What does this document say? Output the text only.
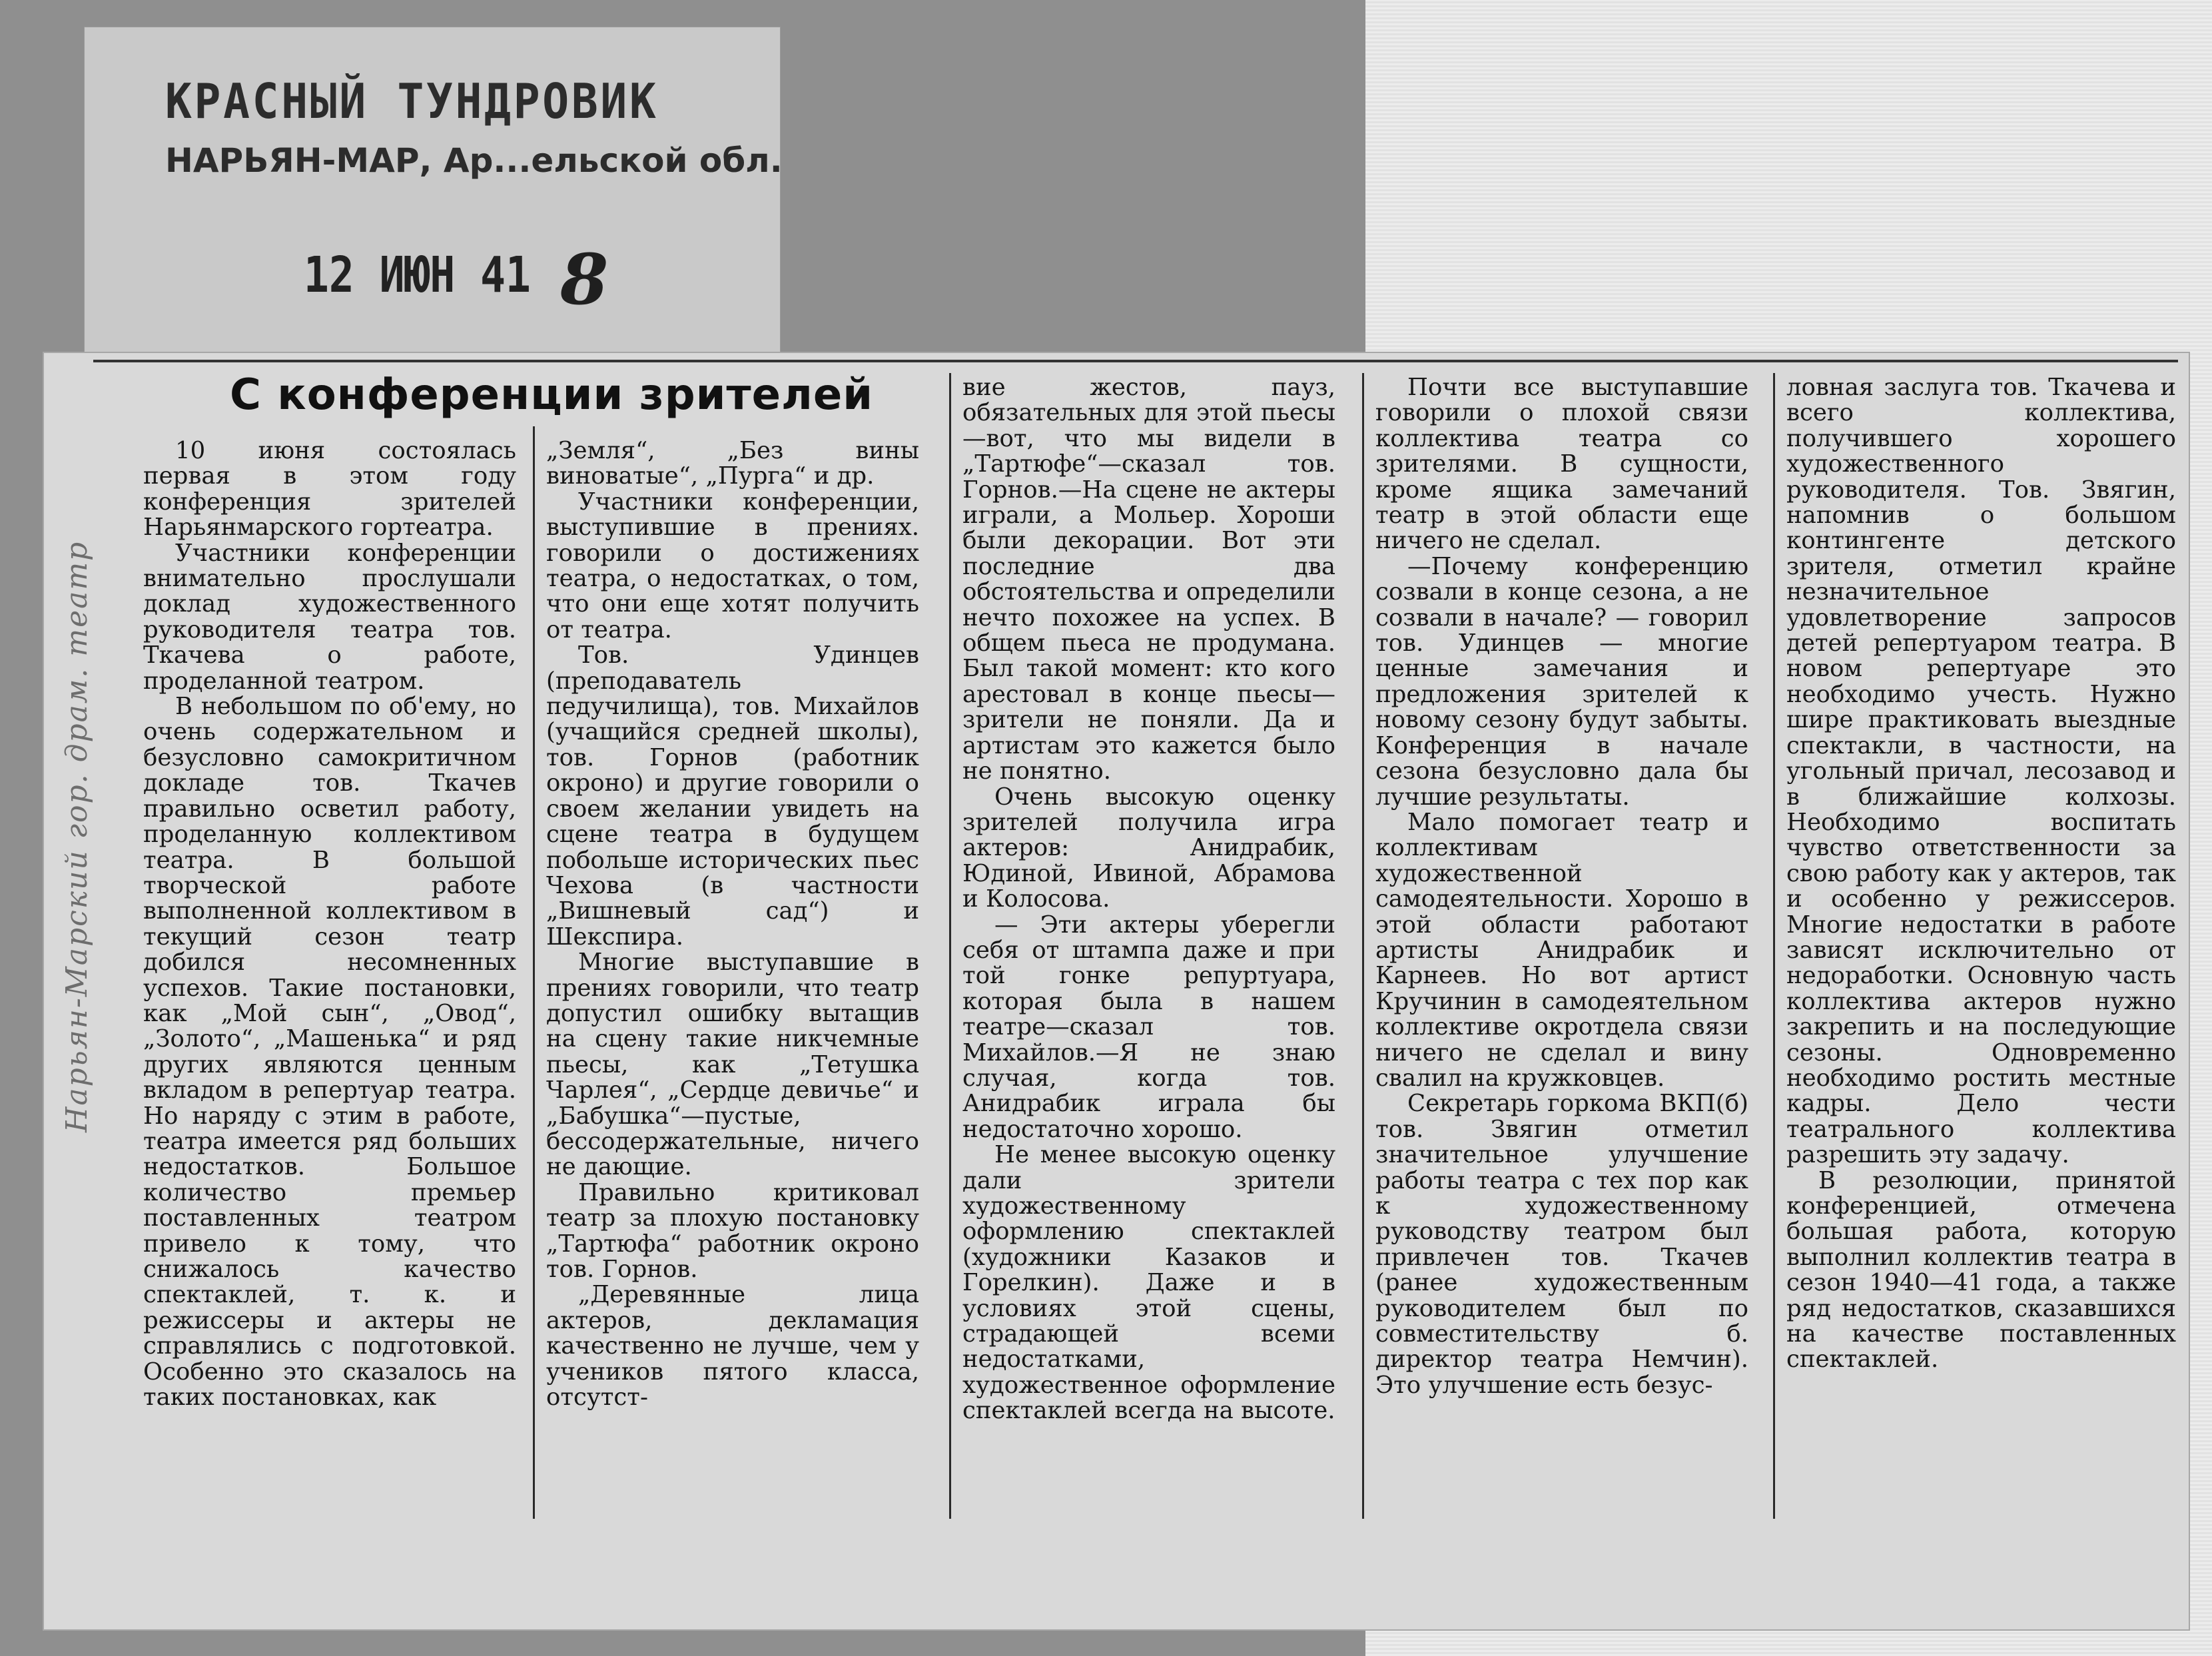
КРАСНЫЙ ТУНДРОВИК
НАРЬЯН-МАР, Ар...ельской обл.
12 ИЮН 41 8
Нарьян-Марский гор. драм. театр
С конференции зрителей

10 июня состоялась первая в этом году конференция зрителей Нарьянмарского гортеатра.

Участники конференции внимательно прослушали доклад художественного руководителя театра тов. Ткачева о работе, проделанной театром.

В небольшом по об'ему, но очень содержательном и безусловно самокритичном докладе тов. Ткачев правильно осветил работу, проделанную коллективом театра. В большой творческой работе выполненной коллективом в текущий сезон театр добился несомненных успехов. Такие постановки, как „Мой сын“, „Овод“, „Золото“, „Машенька“ и ряд других являются ценным вкладом в репертуар театра. Но наряду с этим в работе, театра имеется ряд больших недостатков. Большое количество премьер поставленных театром привело к тому, что снижалось качество спектаклей, т. к. и режиссеры и актеры не справлялись с подготовкой. Особенно это сказалось на таких постановках, как

„Земля“, „Без вины виноватые“, „Пурга“ и др.

Участники конференции, выступившие в прениях. говорили о достижениях театра, о недостатках, о том, что они еще хотят получить от театра.

Тов. Удинцев (преподаватель педучилища), тов. Михайлов (учащийся средней школы), тов. Горнов (работник окроно) и другие говорили о своем желании увидеть на сцене театра в будущем побольше исторических пьес Чехова (в частности „Вишневый сад“) и Шекспира.

Многие выступавшие в прениях говорили, что театр допустил ошибку вытащив на сцену такие никчемные пьесы, как „Тетушка Чарлея“, „Сердце девичье“ и „Бабушка“—пустые, бессодержательные, ничего не дающие.

Правильно критиковал театр за плохую постановку „Тартюфа“ работник окроно тов. Горнов.

„Деревянные лица актеров, декламация качественно не лучше, чем у учеников пятого класса, отсутст-

вие жестов, пауз, обязательных для этой пьесы—вот, что мы видели в „Тартюфе“—сказал тов. Горнов.—На сцене не актеры играли, а Мольер. Хороши были декорации. Вот эти последние два обстоятельства и определили нечто похожее на успех. В общем пьеса не продумана. Был такой момент: кто кого арестовал в конце пьесы—зрители не поняли. Да и артистам это кажется было не понятно.

Очень высокую оценку зрителей получила игра актеров: Анидрабик, Юдиной, Ивиной, Абрамова и Колосова.

— Эти актеры уберегли себя от штампа даже и при той гонке репуртуара, которая была в нашем театре—сказал тов. Михайлов.—Я не знаю случая, когда тов. Анидрабик играла бы недостаточно хорошо.

Не менее высокую оценку дали зрители художественному оформлению спектаклей (художники Казаков и Горелкин). Даже и в условиях этой сцены, страдающей всеми недостатками, художественное оформление спектаклей всегда на высоте.

Почти все выступавшие говорили о плохой связи коллектива театра со зрителями. В сущности, кроме ящика замечаний театр в этой области еще ничего не сделал.

—Почему конференцию созвали в конце сезона, а не созвали в начале? — говорил тов. Удинцев — многие ценные замечания и предложения зрителей к новому сезону будут забыты. Конференция в начале сезона безусловно дала бы лучшие результаты.

Мало помогает театр и коллективам художественной самодеятельности. Хорошо в этой области работают артисты Анидрабик и Карнеев. Но вот артист Кручинин в самодеятельном коллективе окротдела связи ничего не сделал и вину свалил на кружковцев.

Секретарь горкома ВКП(б) тов. Звягин отметил значительное улучшение работы театра с тех пор как к художественному руководству театром был привлечен тов. Ткачев (ранее художественным руководителем был по совместительству б. директор театра Немчин). Это улучшение есть безус-

ловная заслуга тов. Ткачева и всего коллектива, получившего хорошего художественного руководителя. Тов. Звягин, напомнив о большом контингенте детского зрителя, отметил крайне незначительное удовлетворение запросов детей репертуаром театра. В новом репертуаре это необходимо учесть. Нужно шире практиковать выездные спектакли, в частности, на угольный причал, лесозавод и в ближайшие колхозы. Необходимо воспитать чувство ответственности за свою работу как у актеров, так и особенно у режиссеров. Многие недостатки в работе зависят исключительно от недоработки. Основную часть коллектива актеров нужно закрепить и на последующие сезоны. Одновременно необходимо ростить местные кадры. Дело чести театрального коллектива разрешить эту задачу.

В резолюции, принятой конференцией, отмечена большая работа, которую выполнил коллектив театра в сезон 1940—41 года, а также ряд недостатков, сказавшихся на качестве поставленных спектаклей.
